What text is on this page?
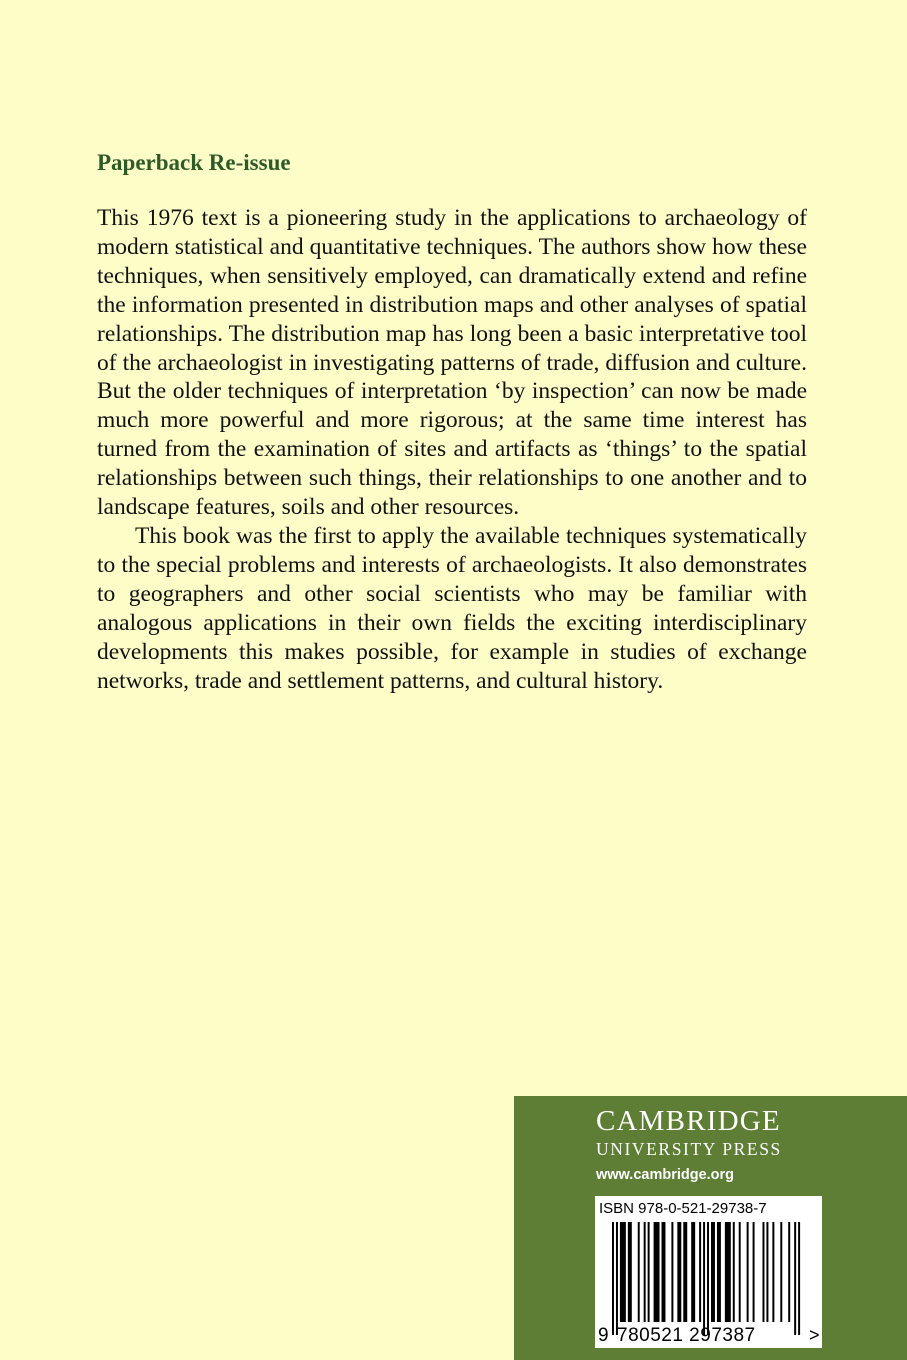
Paperback Re-issue

This 1976 text is a pioneering study in the applications to archaeology of modern statistical and quantitative techniques. The authors show how these techniques, when sensitively employed, can dramatically extend and refine the information presented in distribution maps and other analyses of spatial relationships. The distribution map has long been a basic interpretative tool of the archaeologist in investigating patterns of trade, diffusion and culture. But the older techniques of interpretation ‘by inspection’ can now be made much more powerful and more rigorous; at the same time interest has turned from the examination of sites and artifacts as ‘things’ to the spatial relationships between such things, their relationships to one another and to landscape features, soils and other resources.

This book was the first to apply the available techniques systematically to the special problems and interests of archaeologists. It also demonstrates to geographers and other social scientists who may be familiar with analogous applications in their own fields the exciting interdisciplinary developments this makes possible, for example in studies of exchange networks, trade and settlement patterns, and cultural history.

CAMBRIDGE
UNIVERSITY PRESS
www.cambridge.org
ISBN 978-0-521-29738-7
9 780521 297387	>
